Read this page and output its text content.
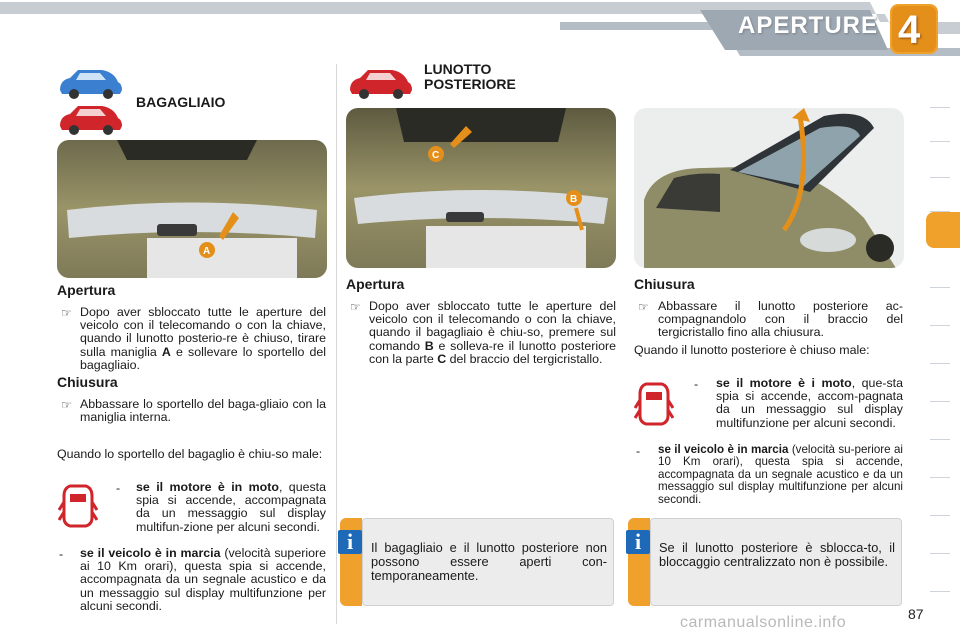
APERTURE 4
BAGAGLIAIO
A
Apertura
☞ Dopo aver sbloccato tutte le aperture del veicolo con il telecomando o con la chiave, quando il lunotto posterio-re è chiuso, tirare sulla maniglia A e sollevare lo sportello del bagagliaio.
Chiusura
☞ Abbassare lo sportello del baga-gliaio con la maniglia interna.
Quando lo sportello del bagaglio è chiu-so male:
- se il motore è in moto, questa spia si accende, accompagnata da un messaggio sul display multifun-zione per alcuni secondi.
- se il veicolo è in marcia (velocità superiore ai 10 Km orari), questa spia si accende, accompagnata da un segnale acustico e da un messaggio sul display multifunzione per alcuni secondi.
LUNOTTO
POSTERIORE
C
B
Apertura
☞ Dopo aver sbloccato tutte le aperture del veicolo con il telecomando o con la chiave, quando il bagagliaio è chiu-so, premere sul comando B e solleva-re il lunotto posteriore con la parte C del braccio del tergicristallo.
i	Il bagagliaio e il lunotto posteriore non possono essere aperti con-temporaneamente.
Chiusura
☞ Abbassare il lunotto posteriore ac-compagnandolo con il braccio del tergicristallo fino alla chiusura.
Quando il lunotto posteriore è chiuso male:
- se il motore è i moto, que-sta spia si accende, accom-pagnata da un messaggio sul display multifunzione per alcuni secondi.
- se il veicolo è in marcia (velocità su-periore ai 10 Km orari), questa spia si accende, accompagnata da un segnale acustico e da un messaggio sul display multifunzione per alcuni secondi.
i	Se il lunotto posteriore è sblocca-to, il bloccaggio centralizzato non è possibile.
carmanualsonline.info	87
